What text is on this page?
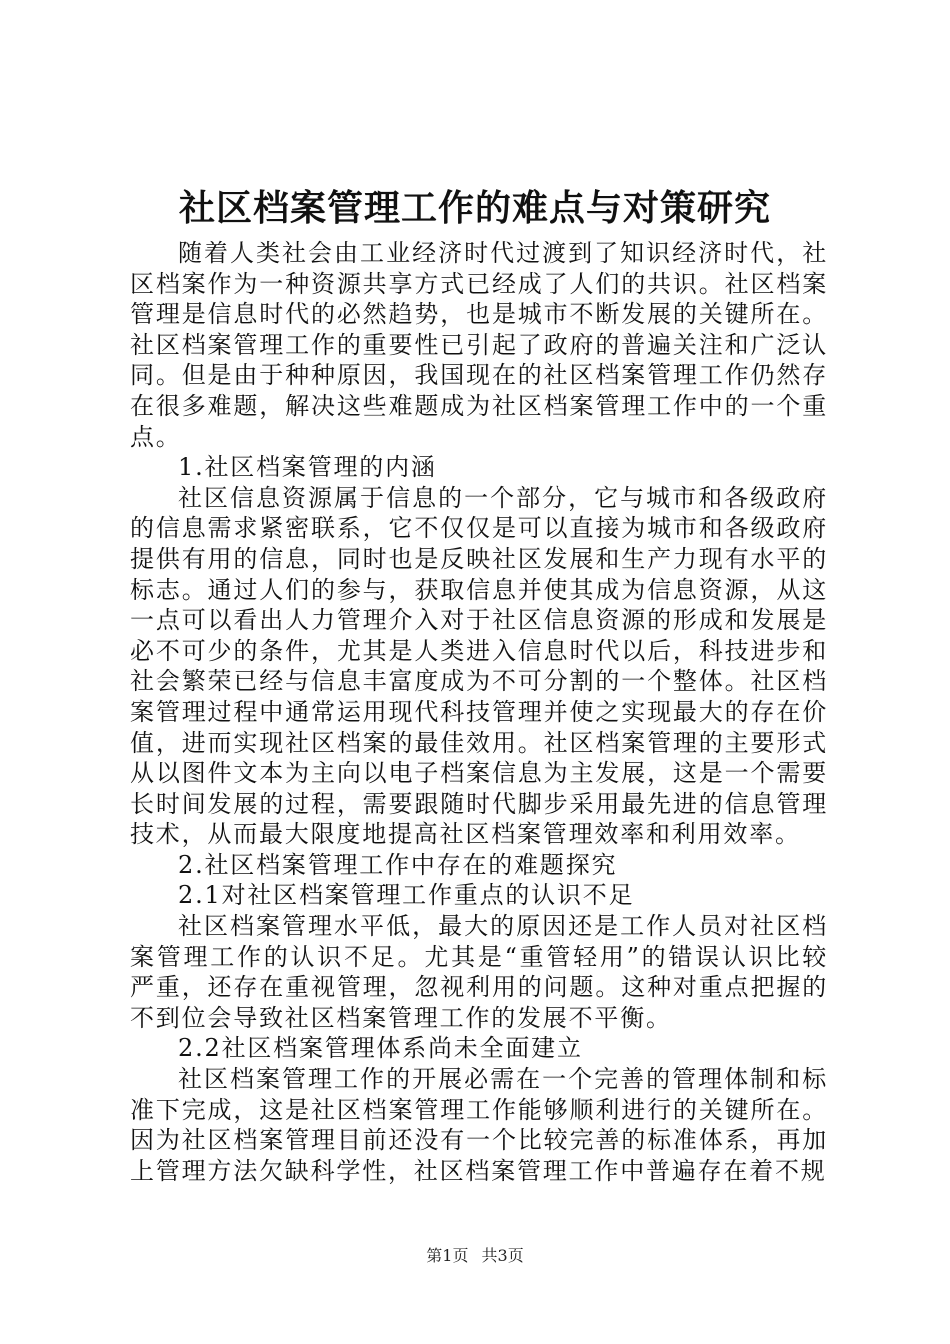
社区档案管理工作的难点与对策研究

随着人类社会由工业经济时代过渡到了知识经济时代，社区档案作为一种资源共享方式已经成了人们的共识。社区档案管理是信息时代的必然趋势，也是城市不断发展的关键所在。社区档案管理工作的重要性已引起了政府的普遍关注和广泛认同。但是由于种种原因，我国现在的社区档案管理工作仍然存在很多难题，解决这些难题成为社区档案管理工作中的一个重点。

1.社区档案管理的内涵

社区信息资源属于信息的一个部分，它与城市和各级政府的信息需求紧密联系，它不仅仅是可以直接为城市和各级政府提供有用的信息，同时也是反映社区发展和生产力现有水平的标志。通过人们的参与，获取信息并使其成为信息资源，从这一点可以看出人力管理介入对于社区信息资源的形成和发展是必不可少的条件，尤其是人类进入信息时代以后，科技进步和社会繁荣已经与信息丰富度成为不可分割的一个整体。社区档案管理过程中通常运用现代科技管理并使之实现最大的存在价值，进而实现社区档案的最佳效用。社区档案管理的主要形式从以图件文本为主向以电子档案信息为主发展，这是一个需要长时间发展的过程，需要跟随时代脚步采用最先进的信息管理技术，从而最大限度地提高社区档案管理效率和利用效率。

2.社区档案管理工作中存在的难题探究

2.1对社区档案管理工作重点的认识不足

社区档案管理水平低，最大的原因还是工作人员对社区档案管理工作的认识不足。尤其是“重管轻用”的错误认识比较严重，还存在重视管理，忽视利用的问题。这种对重点把握的不到位会导致社区档案管理工作的发展不平衡。

2.2社区档案管理体系尚未全面建立

社区档案管理工作的开展必需在一个完善的管理体制和标准下完成，这是社区档案管理工作能够顺利进行的关键所在。因为社区档案管理目前还没有一个比较完善的标准体系，再加上管理方法欠缺科学性，社区档案管理工作中普遍存在着不规

第1页 共3页
